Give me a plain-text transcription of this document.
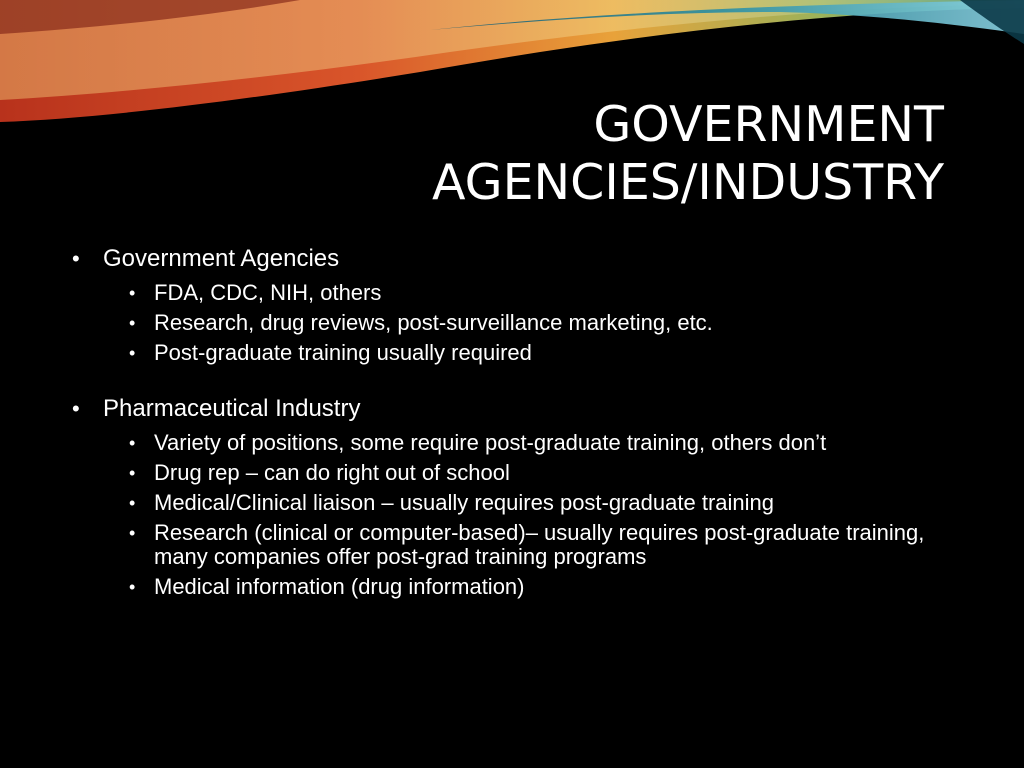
GOVERNMENT
AGENCIES/INDUSTRY
• Government Agencies
• FDA, CDC, NIH, others
• Research, drug reviews, post-surveillance marketing, etc.
• Post-graduate training usually required
• Pharmaceutical Industry
• Variety of positions, some require post-graduate training, others don’t
• Drug rep – can do right out of school
• Medical/Clinical liaison – usually requires post-graduate training
• Research (clinical or computer-based)– usually requires post-graduate training, many companies offer post-grad training programs
• Medical information (drug information)
